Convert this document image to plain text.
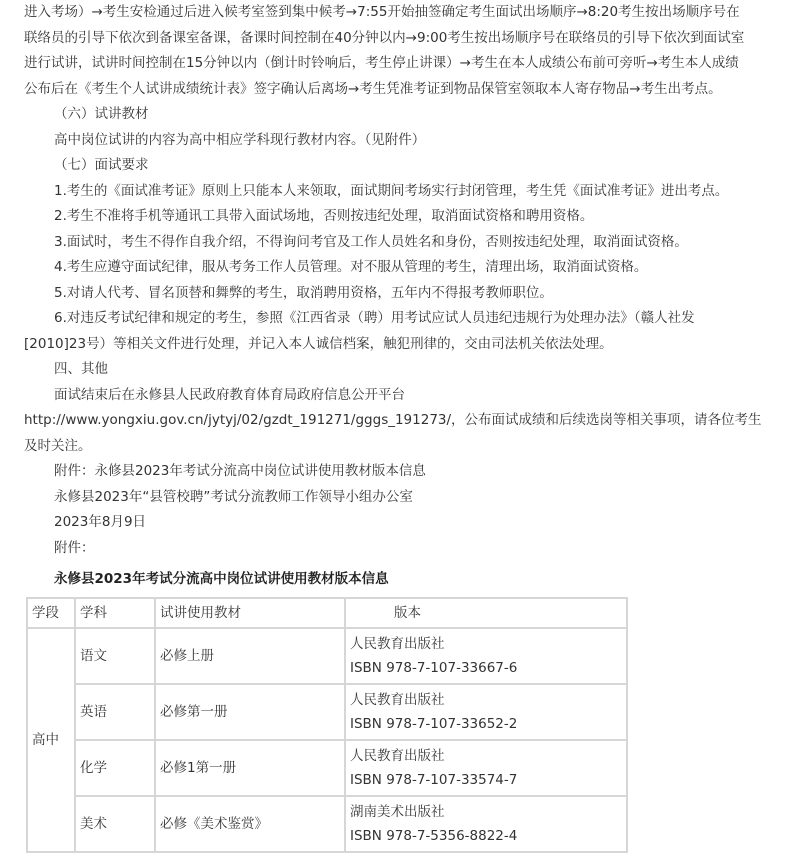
进入考场）→考生安检通过后进入候考室签到集中候考→7:55开始抽签确定考生面试出场顺序→8:20考生按出场顺序号在

联络员的引导下依次到备课室备课，备课时间控制在40分钟以内→9:00考生按出场顺序号在联络员的引导下依次到面试室

进行试讲，试讲时间控制在15分钟以内（倒计时铃响后，考生停止讲课）→考生在本人成绩公布前可旁听→考生本人成绩

公布后在《考生个人试讲成绩统计表》签字确认后离场→考生凭准考证到物品保管室领取本人寄存物品→考生出考点。

（六）试讲教材

高中岗位试讲的内容为高中相应学科现行教材内容。（见附件）

（七）面试要求

1.考生的《面试准考证》原则上只能本人来领取，面试期间考场实行封闭管理，考生凭《面试准考证》进出考点。

2.考生不准将手机等通讯工具带入面试场地，否则按违纪处理，取消面试资格和聘用资格。

3.面试时，考生不得作自我介绍，不得询问考官及工作人员姓名和身份，否则按违纪处理，取消面试资格。

4.考生应遵守面试纪律，服从考务工作人员管理。对不服从管理的考生，清理出场，取消面试资格。

5.对请人代考、冒名顶替和舞弊的考生，取消聘用资格，五年内不得报考教师职位。

6.对违反考试纪律和规定的考生，参照《江西省录（聘）用考试应试人员违纪违规行为处理办法》（赣人社发

[2010]23号）等相关文件进行处理，并记入本人诚信档案，触犯刑律的，交由司法机关依法处理。

四、其他

面试结束后在永修县人民政府教育体育局政府信息公开平台

http://www.yongxiu.gov.cn/jytyj/02/gzdt_191271/gggs_191273/，公布面试成绩和后续选岗等相关事项，请各位考生

及时关注。

附件：永修县2023年考试分流高中岗位试讲使用教材版本信息

永修县2023年“县管校聘”考试分流教师工作领导小组办公室

2023年8月9日

附件：

永修县2023年考试分流高中岗位试讲使用教材版本信息

学段	学科	试讲使用教材	版本
高中	语文	必修上册	人民教育出版社
ISBN 978-7-107-33667-6

	英语	必修第一册	人民教育出版社
ISBN 978-7-107-33652-2

	化学	必修1第一册	人民教育出版社
ISBN 978-7-107-33574-7

	美术	必修《美术鉴赏》	湖南美术出版社
ISBN 978-7-5356-8822-4
